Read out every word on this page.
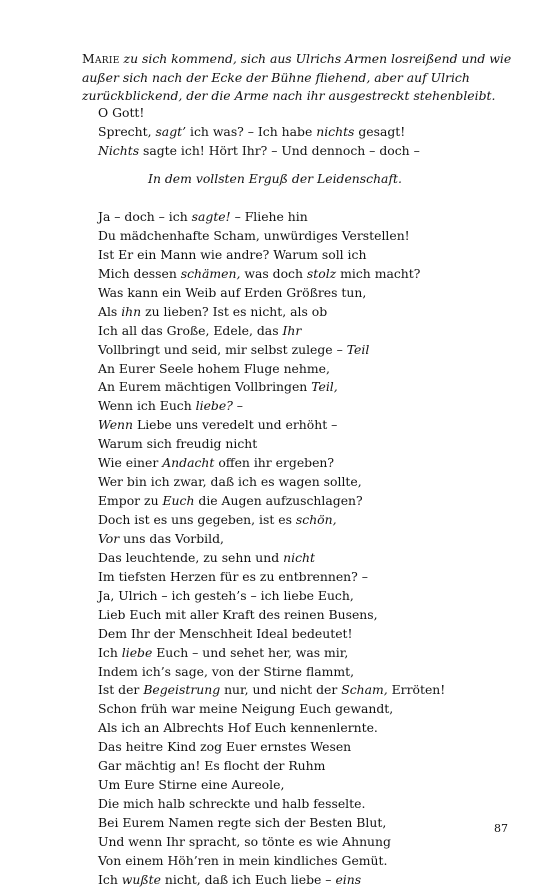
Marie zu sich kommend, sich aus Ulrichs Armen losreißend und wie außer sich nach der Ecke der Bühne fliehend, aber auf Ulrich zurückblickend, der die Arme nach ihr ausgestreckt stehenbleibt.

O Gott!
Sprecht, sagt’ ich was? – Ich habe nichts gesagt!
Nichts sagte ich! Hört Ihr? – Und dennoch – doch –
In dem vollsten Erguß der Leidenschaft.
Ja – doch – ich sagte! – Fliehe hin
Du mädchenhafte Scham, unwürdiges Verstellen!
Ist Er ein Mann wie andre? Warum soll ich
Mich dessen schämen, was doch stolz mich macht?
Was kann ein Weib auf Erden Größres tun,
Als ihn zu lieben? Ist es nicht, als ob
Ich all das Große, Edele, das Ihr
Vollbringt und seid, mir selbst zulege – Teil
An Eurer Seele hohem Fluge nehme,
An Eurem mächtigen Vollbringen Teil,
Wenn ich Euch liebe? –
Wenn Liebe uns veredelt und erhöht –
Warum sich freudig nicht
Wie einer Andacht offen ihr ergeben?
Wer bin ich zwar, daß ich es wagen sollte,
Empor zu Euch die Augen aufzuschlagen?
Doch ist es uns gegeben, ist es schön,
Vor uns das Vorbild,
Das leuchtende, zu sehn und nicht
Im tiefsten Herzen für es zu entbrennen? –
Ja, Ulrich – ich gesteh’s – ich liebe Euch,
Lieb Euch mit aller Kraft des reinen Busens,
Dem Ihr der Menschheit Ideal bedeutet!
Ich liebe Euch – und sehet her, was mir,
Indem ich’s sage, von der Stirne flammt,
Ist der Begeistrung nur, und nicht der Scham, Erröten!
Schon früh war meine Neigung Euch gewandt,
Als ich an Albrechts Hof Euch kennenlernte.
Das heitre Kind zog Euer ernstes Wesen
Gar mächtig an! Es flocht der Ruhm
Um Eure Stirne eine Aureole,
Die mich halb schreckte und halb fesselte.
Bei Eurem Namen regte sich der Besten Blut,
Und wenn Ihr spracht, so tönte es wie Ahnung
Von einem Höh’ren in mein kindliches Gemüt.
Ich wußte nicht, daß ich Euch liebe – eins
87
